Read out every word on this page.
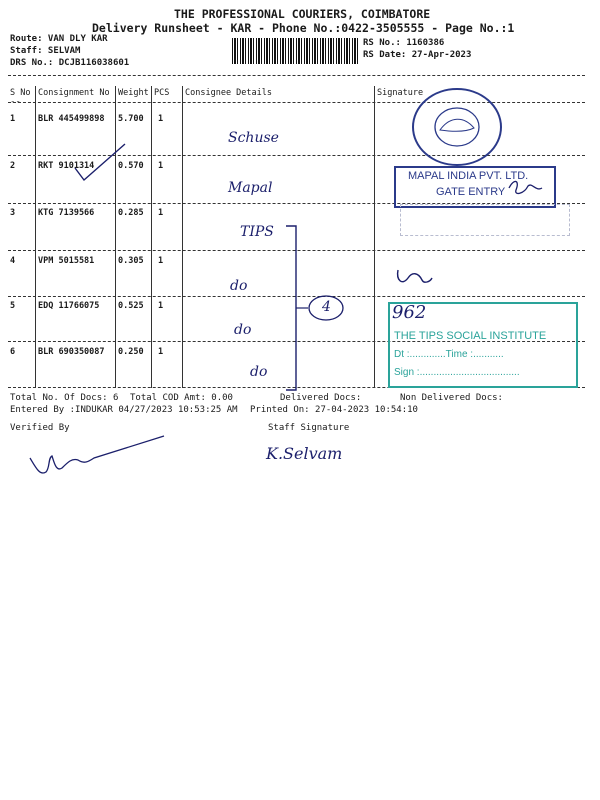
THE PROFESSIONAL COURIERS, COIMBATORE
Delivery Runsheet - KAR - Phone No.:0422-3505555 - Page No.:1
Route: VAN DLY KAR
Staff: SELVAM
DRS No.: DCJB116038601
RS No.: 1160386
RS Date: 27-Apr-2023
S No Consignment No Weight PCS Consignee Details	Signature
--
1	BLR 445499898 5.700 1
Schuse
2	RKT 9101314	0.570 1
Mapal
3	KTG 7139566	0.285 1
TIPS
4	VPM 5015581	0.305 1
do
5	EDQ 11766075 0.525 1
do
6	BLR 690350087 0.250 1
do
4
MAPAL INDIA PVT. LTD.
GATE ENTRY
THE TIPS SOCIAL INSTITUTE
Dt :.............Time :...........
Sign :....................................
962
Total No. Of Docs: 6 Total COD Amt: 0.00	Delivered Docs:	Non Delivered Docs:
Entered By :INDUKAR 04/27/2023 10:53:25 AM Printed On: 27-04-2023 10:54:10
Verified By	Staff Signature
K.Selvam
